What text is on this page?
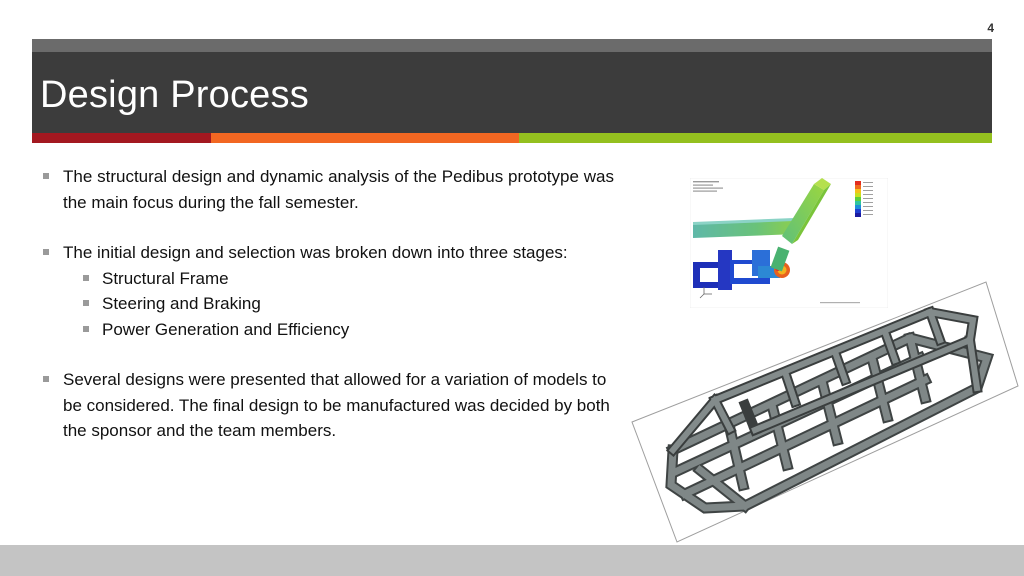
4
Design Process
The structural design and dynamic analysis of the Pedibus prototype was the main focus during the fall semester.
The initial design and selection was broken down into three stages:
Structural Frame
Steering and Braking
Power Generation and Efficiency
Several designs were presented that allowed for a variation of models to be considered. The final design to be manufactured was decided by both the sponsor and the team members.
